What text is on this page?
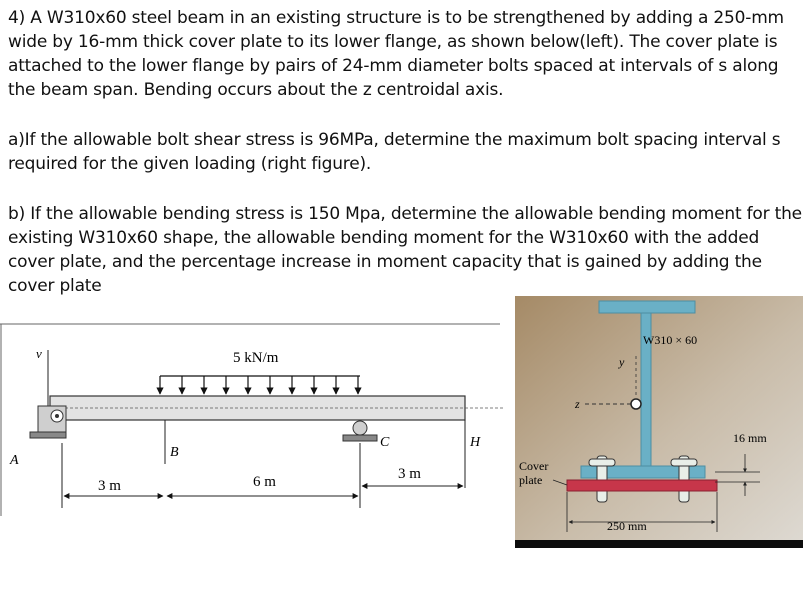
4) A W310x60 steel beam in an existing structure is to be strengthened by adding a 250-mm wide by 16-mm thick cover plate to its lower flange, as shown below(left). The cover plate is attached to the lower flange by pairs of 24-mm diameter bolts spaced at intervals of s along the beam span. Bending occurs about the z centroidal axis.

a)If the allowable bolt shear stress is 96MPa, determine the maximum bolt spacing interval s required for the given loading (right figure).

b) If the allowable bending stress is 150 Mpa, determine the allowable bending moment for the existing W310x60 shape, the allowable bending moment for the W310x60 with the added cover plate, and the percentage increase in moment capacity that is gained by adding the cover plate

v
A
5 kN/m
B
C	H
3 m	6 m	3 m
z
y
W310 × 60
Cover
plate
16 mm
250 mm
